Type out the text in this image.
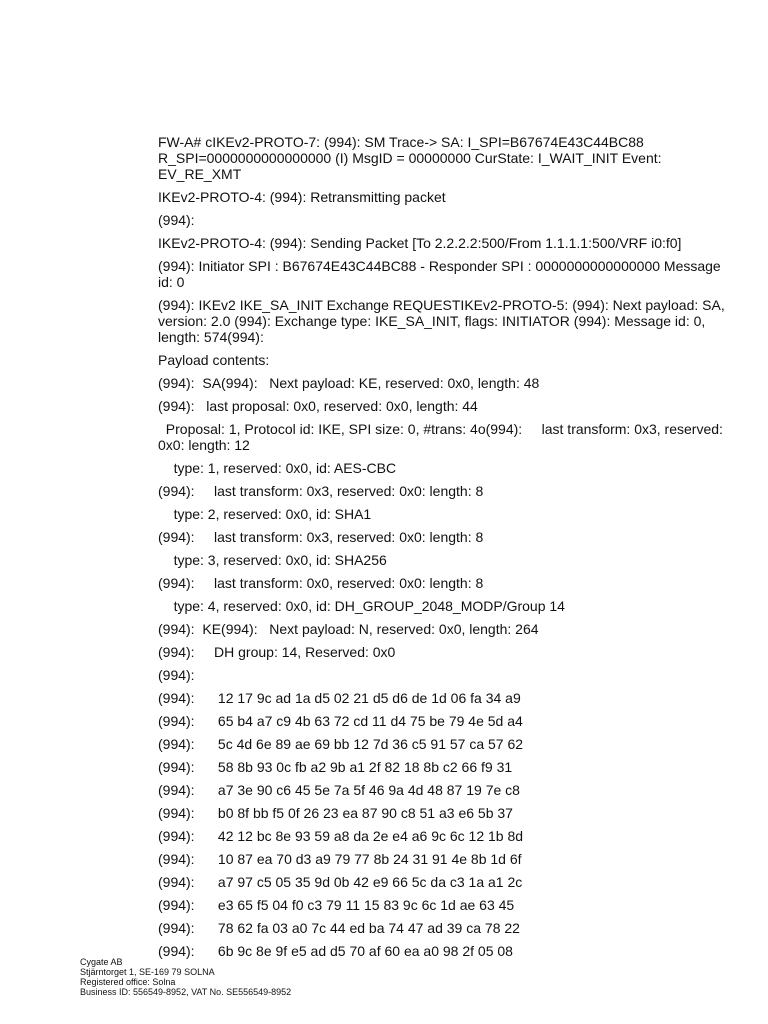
FW-A# cIKEv2-PROTO-7: (994): SM Trace-> SA: I_SPI=B67674E43C44BC88 R_SPI=0000000000000000 (I) MsgID = 00000000 CurState: I_WAIT_INIT Event: EV_RE_XMT
IKEv2-PROTO-4: (994): Retransmitting packet
(994):
IKEv2-PROTO-4: (994): Sending Packet [To 2.2.2.2:500/From 1.1.1.1:500/VRF i0:f0]
(994): Initiator SPI : B67674E43C44BC88 - Responder SPI : 0000000000000000 Message id: 0
(994): IKEv2 IKE_SA_INIT Exchange REQUESTIKEv2-PROTO-5: (994): Next payload: SA, version: 2.0 (994): Exchange type: IKE_SA_INIT, flags: INITIATOR (994): Message id: 0, length: 574(994):
Payload contents:
(994):  SA(994):   Next payload: KE, reserved: 0x0, length: 48
(994):   last proposal: 0x0, reserved: 0x0, length: 44
Proposal: 1, Protocol id: IKE, SPI size: 0, #trans: 4o(994):     last transform: 0x3, reserved: 0x0: length: 12
type: 1, reserved: 0x0, id: AES-CBC
(994):     last transform: 0x3, reserved: 0x0: length: 8
type: 2, reserved: 0x0, id: SHA1
(994):     last transform: 0x3, reserved: 0x0: length: 8
type: 3, reserved: 0x0, id: SHA256
(994):     last transform: 0x0, reserved: 0x0: length: 8
type: 4, reserved: 0x0, id: DH_GROUP_2048_MODP/Group 14
(994):  KE(994):   Next payload: N, reserved: 0x0, length: 264
(994):     DH group: 14, Reserved: 0x0
(994):
(994):      12 17 9c ad 1a d5 02 21 d5 d6 de 1d 06 fa 34 a9
(994):      65 b4 a7 c9 4b 63 72 cd 11 d4 75 be 79 4e 5d a4
(994):      5c 4d 6e 89 ae 69 bb 12 7d 36 c5 91 57 ca 57 62
(994):      58 8b 93 0c fb a2 9b a1 2f 82 18 8b c2 66 f9 31
(994):      a7 3e 90 c6 45 5e 7a 5f 46 9a 4d 48 87 19 7e c8
(994):      b0 8f bb f5 0f 26 23 ea 87 90 c8 51 a3 e6 5b 37
(994):      42 12 bc 8e 93 59 a8 da 2e e4 a6 9c 6c 12 1b 8d
(994):      10 87 ea 70 d3 a9 79 77 8b 24 31 91 4e 8b 1d 6f
(994):      a7 97 c5 05 35 9d 0b 42 e9 66 5c da c3 1a a1 2c
(994):      e3 65 f5 04 f0 c3 79 11 15 83 9c 6c 1d ae 63 45
(994):      78 62 fa 03 a0 7c 44 ed ba 74 47 ad 39 ca 78 22
(994):      6b 9c 8e 9f e5 ad d5 70 af 60 ea a0 98 2f 05 08
Cygate AB
Stjärntorget 1, SE-169 79 SOLNA
Registered office: Solna
Business ID: 556549-8952, VAT No. SE556549-8952
